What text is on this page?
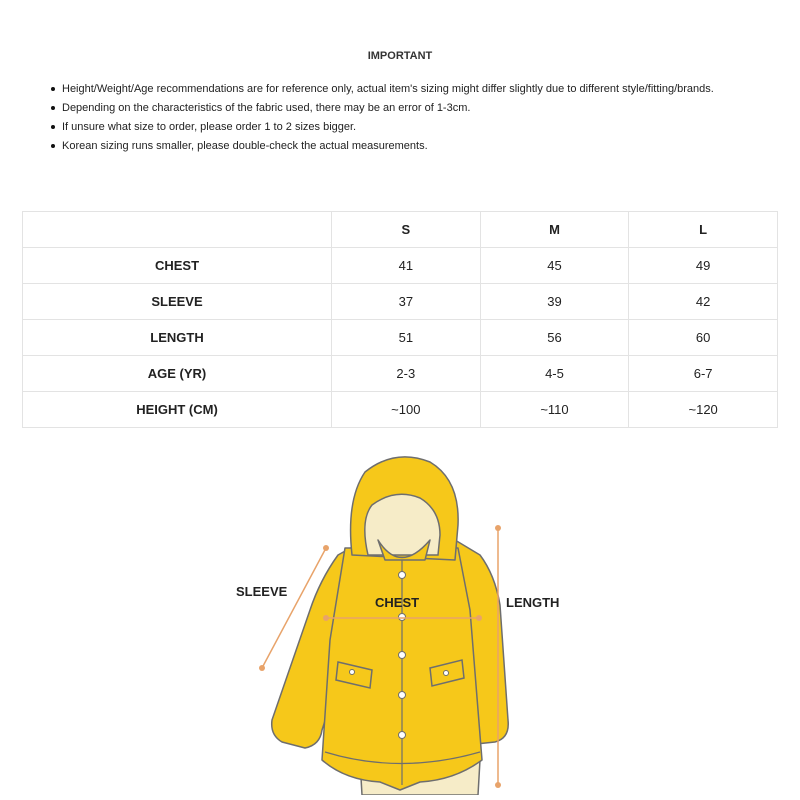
IMPORTANT
Height/Weight/Age recommendations are for reference only, actual item's sizing might differ slightly due to different style/fitting/brands.
Depending on the characteristics of the fabric used, there may be an error of 1-3cm.
If unsure what size to order, please order 1 to 2 sizes bigger.
Korean sizing runs smaller, please double-check the actual measurements.
	S	M	L
CHEST	41	45	49
SLEEVE	37	39	42
LENGTH	51	56	60
AGE (YR)	2-3	4-5	6-7
HEIGHT (CM)	~100	~110	~120
SLEEVE
CHEST	LENGTH
